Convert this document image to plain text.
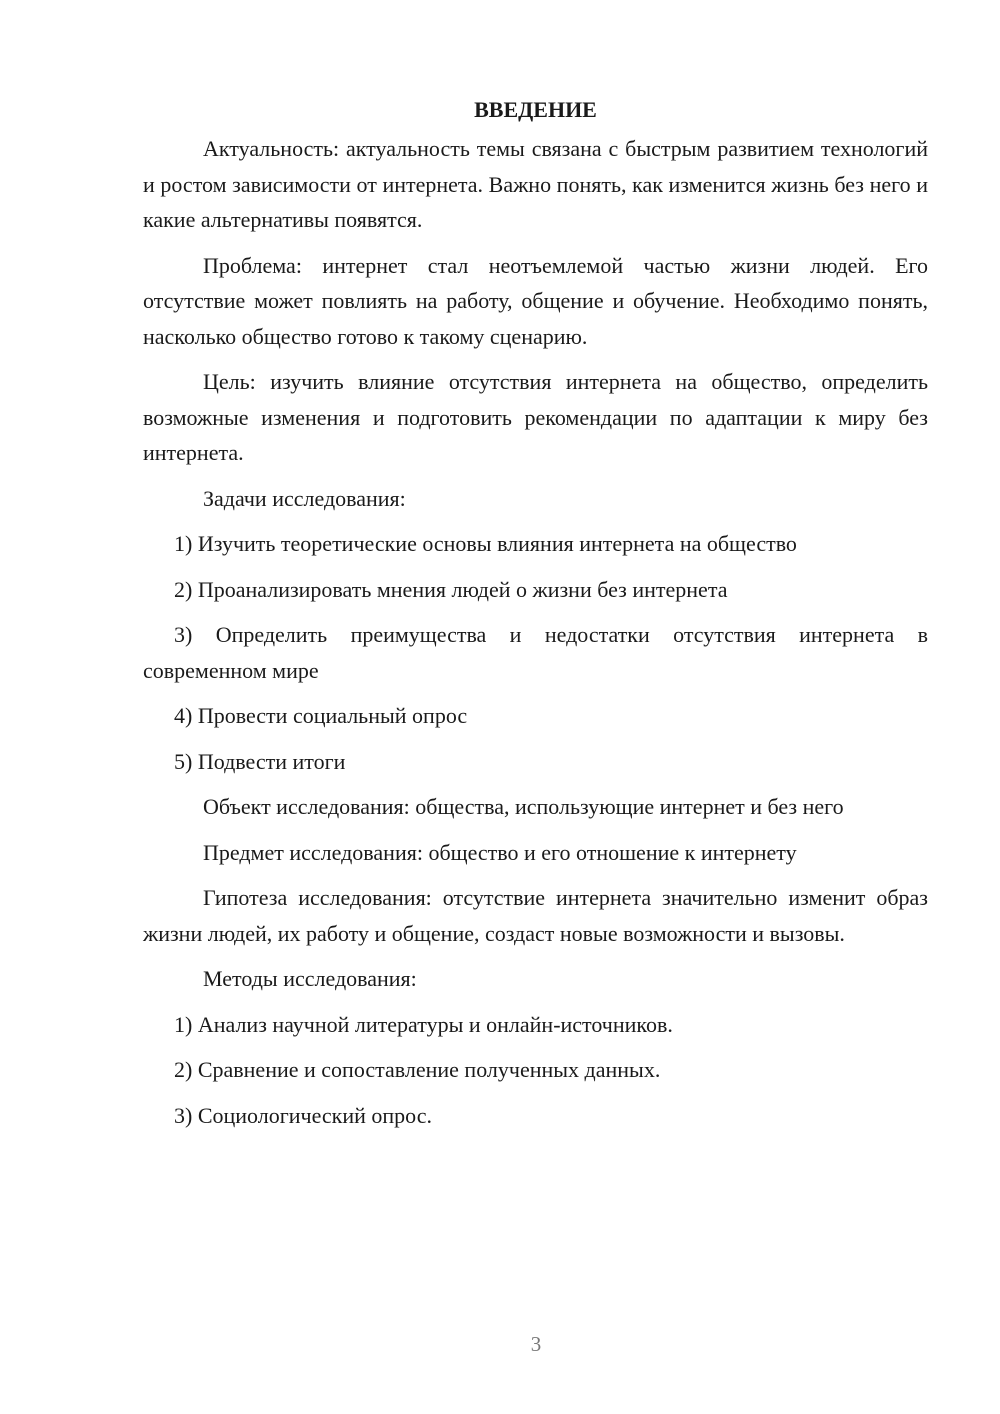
ВВЕДЕНИЕ

Актуальность: актуальность темы связана с быстрым развитием технологий и ростом зависимости от интернета. Важно понять, как изменится жизнь без него и какие альтернативы появятся.

Проблема: интернет стал неотъемлемой частью жизни людей. Его отсутствие может повлиять на работу, общение и обучение. Необходимо понять, насколько общество готово к такому сценарию.

Цель: изучить влияние отсутствия интернета на общество, определить возможные изменения и подготовить рекомендации по адаптации к миру без интернета.

Задачи исследования:

1) Изучить теоретические основы влияния интернета на общество

2) Проанализировать мнения людей о жизни без интернета

3) Определить преимущества и недостатки отсутствия интернета в современном мире

4) Провести социальный опрос

5) Подвести итоги

Объект исследования: общества, использующие интернет и без него

Предмет исследования: общество и его отношение к интернету

Гипотеза исследования: отсутствие интернета значительно изменит образ жизни людей, их работу и общение, создаст новые возможности и вызовы.

Методы исследования:

1) Анализ научной литературы и онлайн-источников.

2) Сравнение и сопоставление полученных данных.

3) Социологический опрос.

3
